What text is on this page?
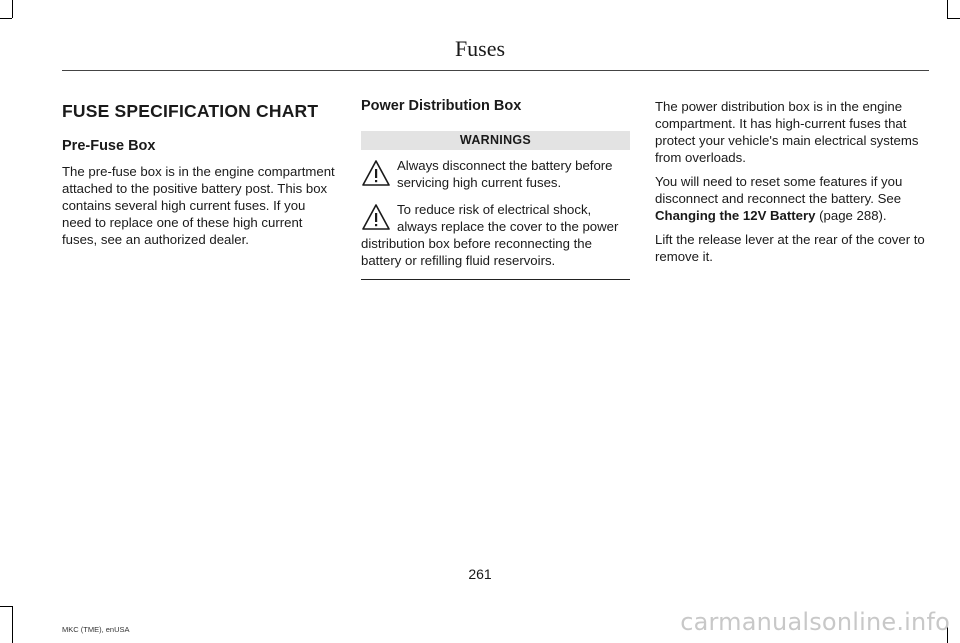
Fuses
FUSE SPECIFICATION CHART
Pre-Fuse Box

The pre-fuse box is in the engine compartment attached to the positive battery post. This box contains several high current fuses. If you need to replace one of these high current fuses, see an authorized dealer.

Power Distribution Box
WARNINGS
Always disconnect the battery before servicing high current fuses.
To reduce risk of electrical shock, always replace the cover to the power distribution box before reconnecting the battery or refilling fluid reservoirs.

The power distribution box is in the engine compartment. It has high-current fuses that protect your vehicle's main electrical systems from overloads.

You will need to reset some features if you disconnect and reconnect the battery. See Changing the 12V Battery (page 288).

Lift the release lever at the rear of the cover to remove it.

261
MKC (TME), enUSA	carmanualsonline.info
